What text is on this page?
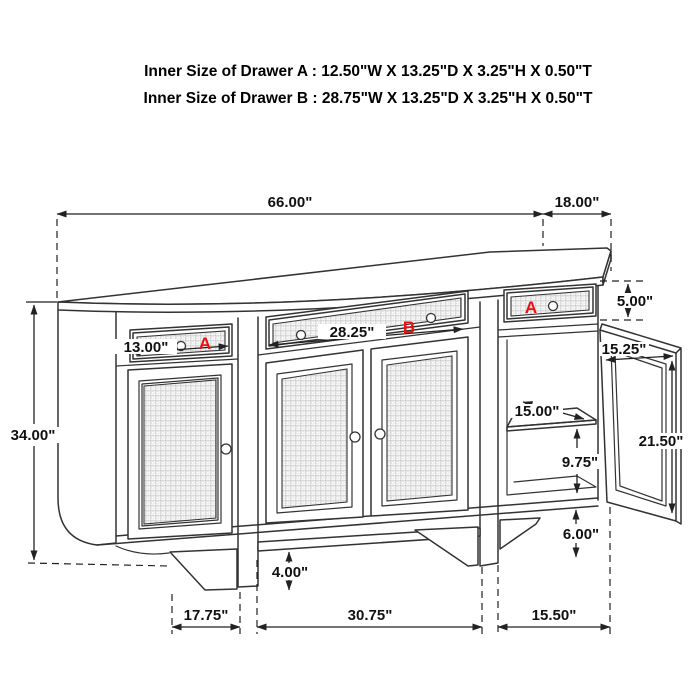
Inner Size of Drawer A : 12.50"W X 13.25"D X 3.25"H X 0.50"T
Inner Size of Drawer B : 28.75"W X 13.25"D X 3.25"H X 0.50"T
66.00"	18.00"
34.00"
5.00"
13.00" A
28.25" B
A
15.25"
21.50"
15.00"
9.75"
6.00"
4.00"
17.75"	30.75"	15.50"
